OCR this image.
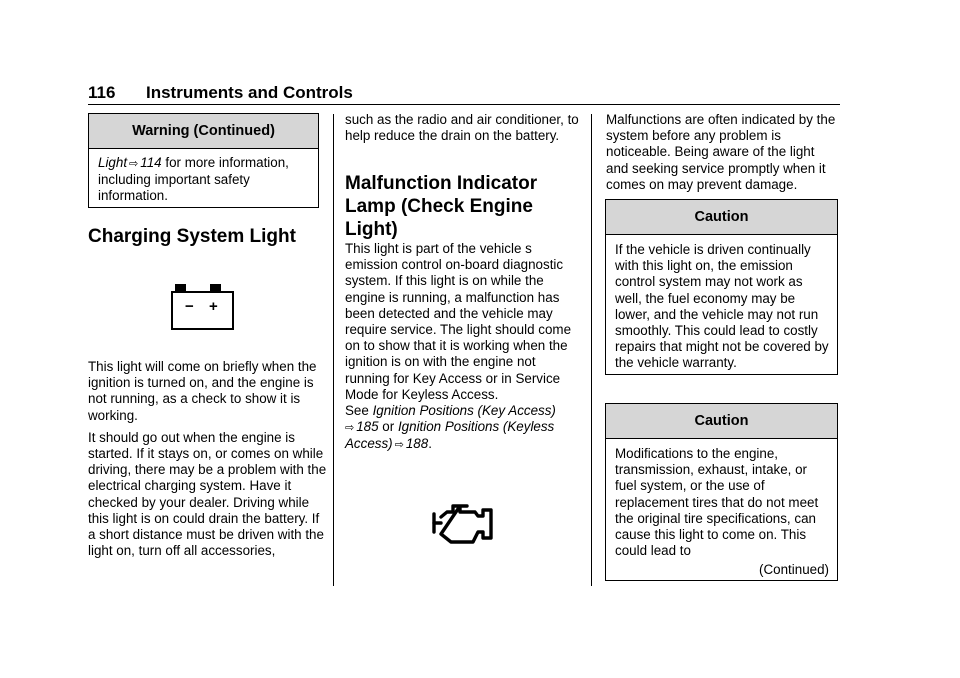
116 Instruments and Controls
Warning (Continued)
Light ⇨ 114 for more information, including important safety information.
Charging System Light
− +

This light will come on briefly when the ignition is turned on, and the engine is not running, as a check to show it is working.

It should go out when the engine is started. If it stays on, or comes on while driving, there may be a problem with the electrical charging system. Have it checked by your dealer. Driving while this light is on could drain the battery. If a short distance must be driven with the light on, turn off all accessories,

such as the radio and air conditioner, to help reduce the drain on the battery.

Malfunction Indicator Lamp (Check Engine Light)

This light is part of the vehicle s emission control on-board diagnostic system. If this light is on while the engine is running, a malfunction has been detected and the vehicle may require service. The light should come on to show that it is working when the ignition is on with the engine not running for Key Access or in Service Mode for Keyless Access.

See Ignition Positions (Key Access)
⇨ 185 or Ignition Positions (Keyless Access) ⇨ 188.

Malfunctions are often indicated by the system before any problem is noticeable. Being aware of the light and seeking service promptly when it comes on may prevent damage.

Caution
If the vehicle is driven continually with this light on, the emission control system may not work as well, the fuel economy may be lower, and the vehicle may not run smoothly. This could lead to costly repairs that might not be covered by the vehicle warranty.
Caution
Modifications to the engine, transmission, exhaust, intake, or fuel system, or the use of replacement tires that do not meet the original tire specifications, can cause this light to come on. This could lead to
(Continued)
